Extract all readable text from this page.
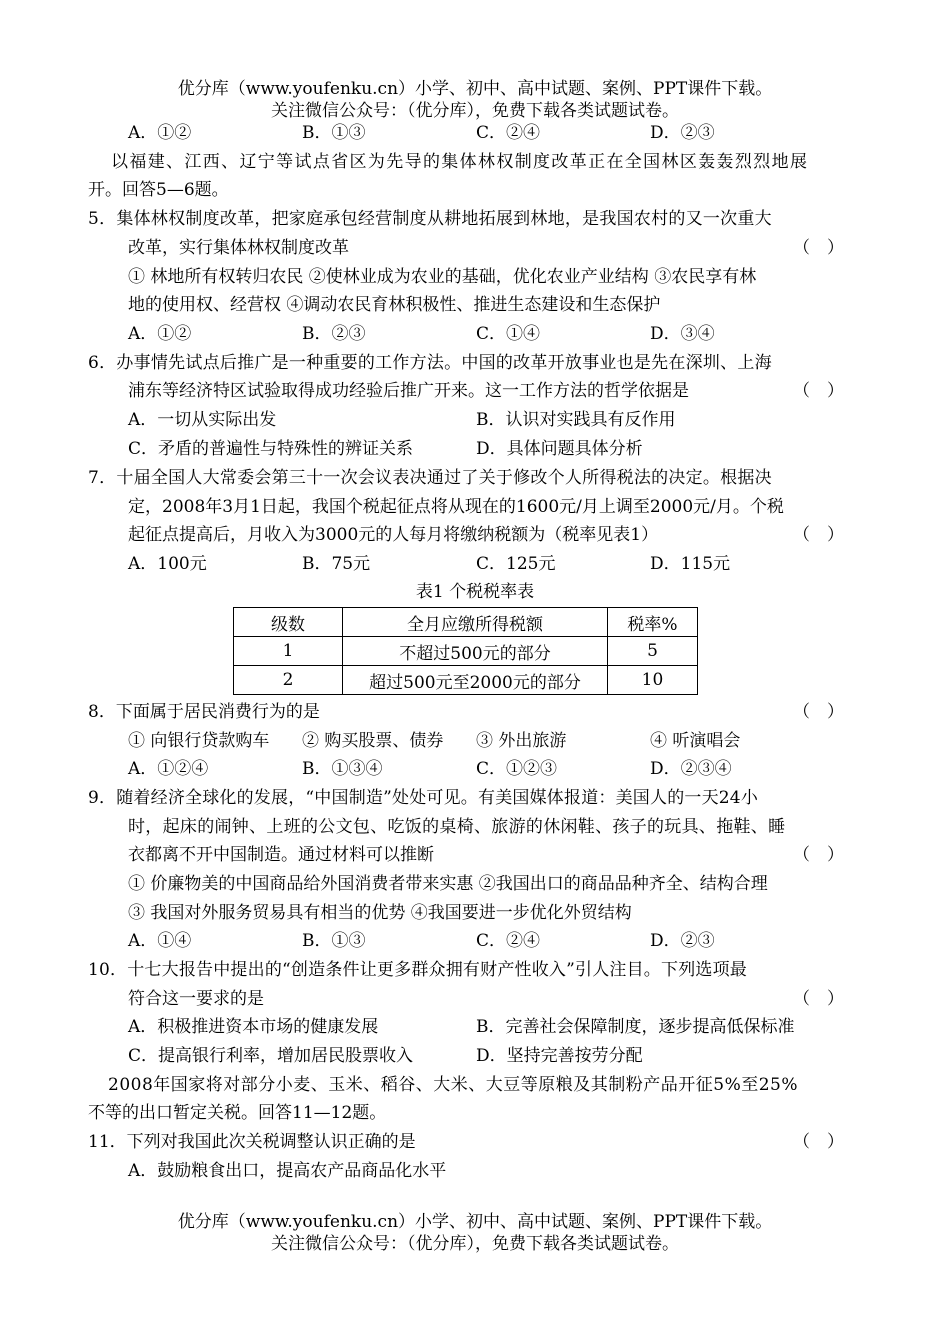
优分库（www.youfenku.cn）小学、初中、高中试题、案例、PPT课件下载。
关注微信公众号：（优分库），免费下载各类试题试卷。
A．①②	B．①③	C．②④	D．②③
以福建、江西、辽宁等试点省区为先导的集体林权制度改革正在全国林区轰轰烈烈地展
开。回答5—6题。
5．集体林权制度改革，把家庭承包经营制度从耕地拓展到林地，是我国农村的又一次重大
改革，实行集体林权制度改革	（　）
① 林地所有权转归农民 ②使林业成为农业的基础，优化农业产业结构 ③农民享有林
地的使用权、经营权 ④调动农民育林积极性、推进生态建设和生态保护
A．①②	B．②③	C．①④	D．③④
6．办事情先试点后推广是一种重要的工作方法。中国的改革开放事业也是先在深圳、上海
浦东等经济特区试验取得成功经验后推广开来。这一工作方法的哲学依据是	（　）
A．一切从实际出发	B．认识对实践具有反作用
C．矛盾的普遍性与特殊性的辨证关系	D．具体问题具体分析
7．十届全国人大常委会第三十一次会议表决通过了关于修改个人所得税法的决定。根据决
定，2008年3月1日起，我国个税起征点将从现在的1600元/月上调至2000元/月。个税
起征点提高后，月收入为3000元的人每月将缴纳税额为（税率见表1）	（　）
A．100元	B．75元	C．125元	D．115元
表1 个税税率表
级数	全月应缴所得税额	税率%
1	不超过500元的部分	5
2	超过500元至2000元的部分	10
8．下面属于居民消费行为的是	（　）
① 向银行贷款购车 ② 购买股票、债券 ③ 外出旅游	④ 听演唱会
A．①②④	B．①③④	C．①②③	D．②③④
9．随着经济全球化的发展，“中国制造”处处可见。有美国媒体报道：美国人的一天24小
时，起床的闹钟、上班的公文包、吃饭的桌椅、旅游的休闲鞋、孩子的玩具、拖鞋、睡
衣都离不开中国制造。通过材料可以推断	（　）
① 价廉物美的中国商品给外国消费者带来实惠 ②我国出口的商品品种齐全、结构合理
③ 我国对外服务贸易具有相当的优势 ④我国要进一步优化外贸结构
A．①④	B．①③	C．②④	D．②③
10．十七大报告中提出的“创造条件让更多群众拥有财产性收入”引人注目。下列选项最
符合这一要求的是	（　）
A．积极推进资本市场的健康发展	B．完善社会保障制度，逐步提高低保标准
C．提高银行利率，增加居民股票收入	D．坚持完善按劳分配
2008年国家将对部分小麦、玉米、稻谷、大米、大豆等原粮及其制粉产品开征5%至25%
不等的出口暂定关税。回答11—12题。
11．下列对我国此次关税调整认识正确的是	（　）
A．鼓励粮食出口，提高农产品商品化水平
优分库（www.youfenku.cn）小学、初中、高中试题、案例、PPT课件下载。
关注微信公众号：（优分库），免费下载各类试题试卷。
